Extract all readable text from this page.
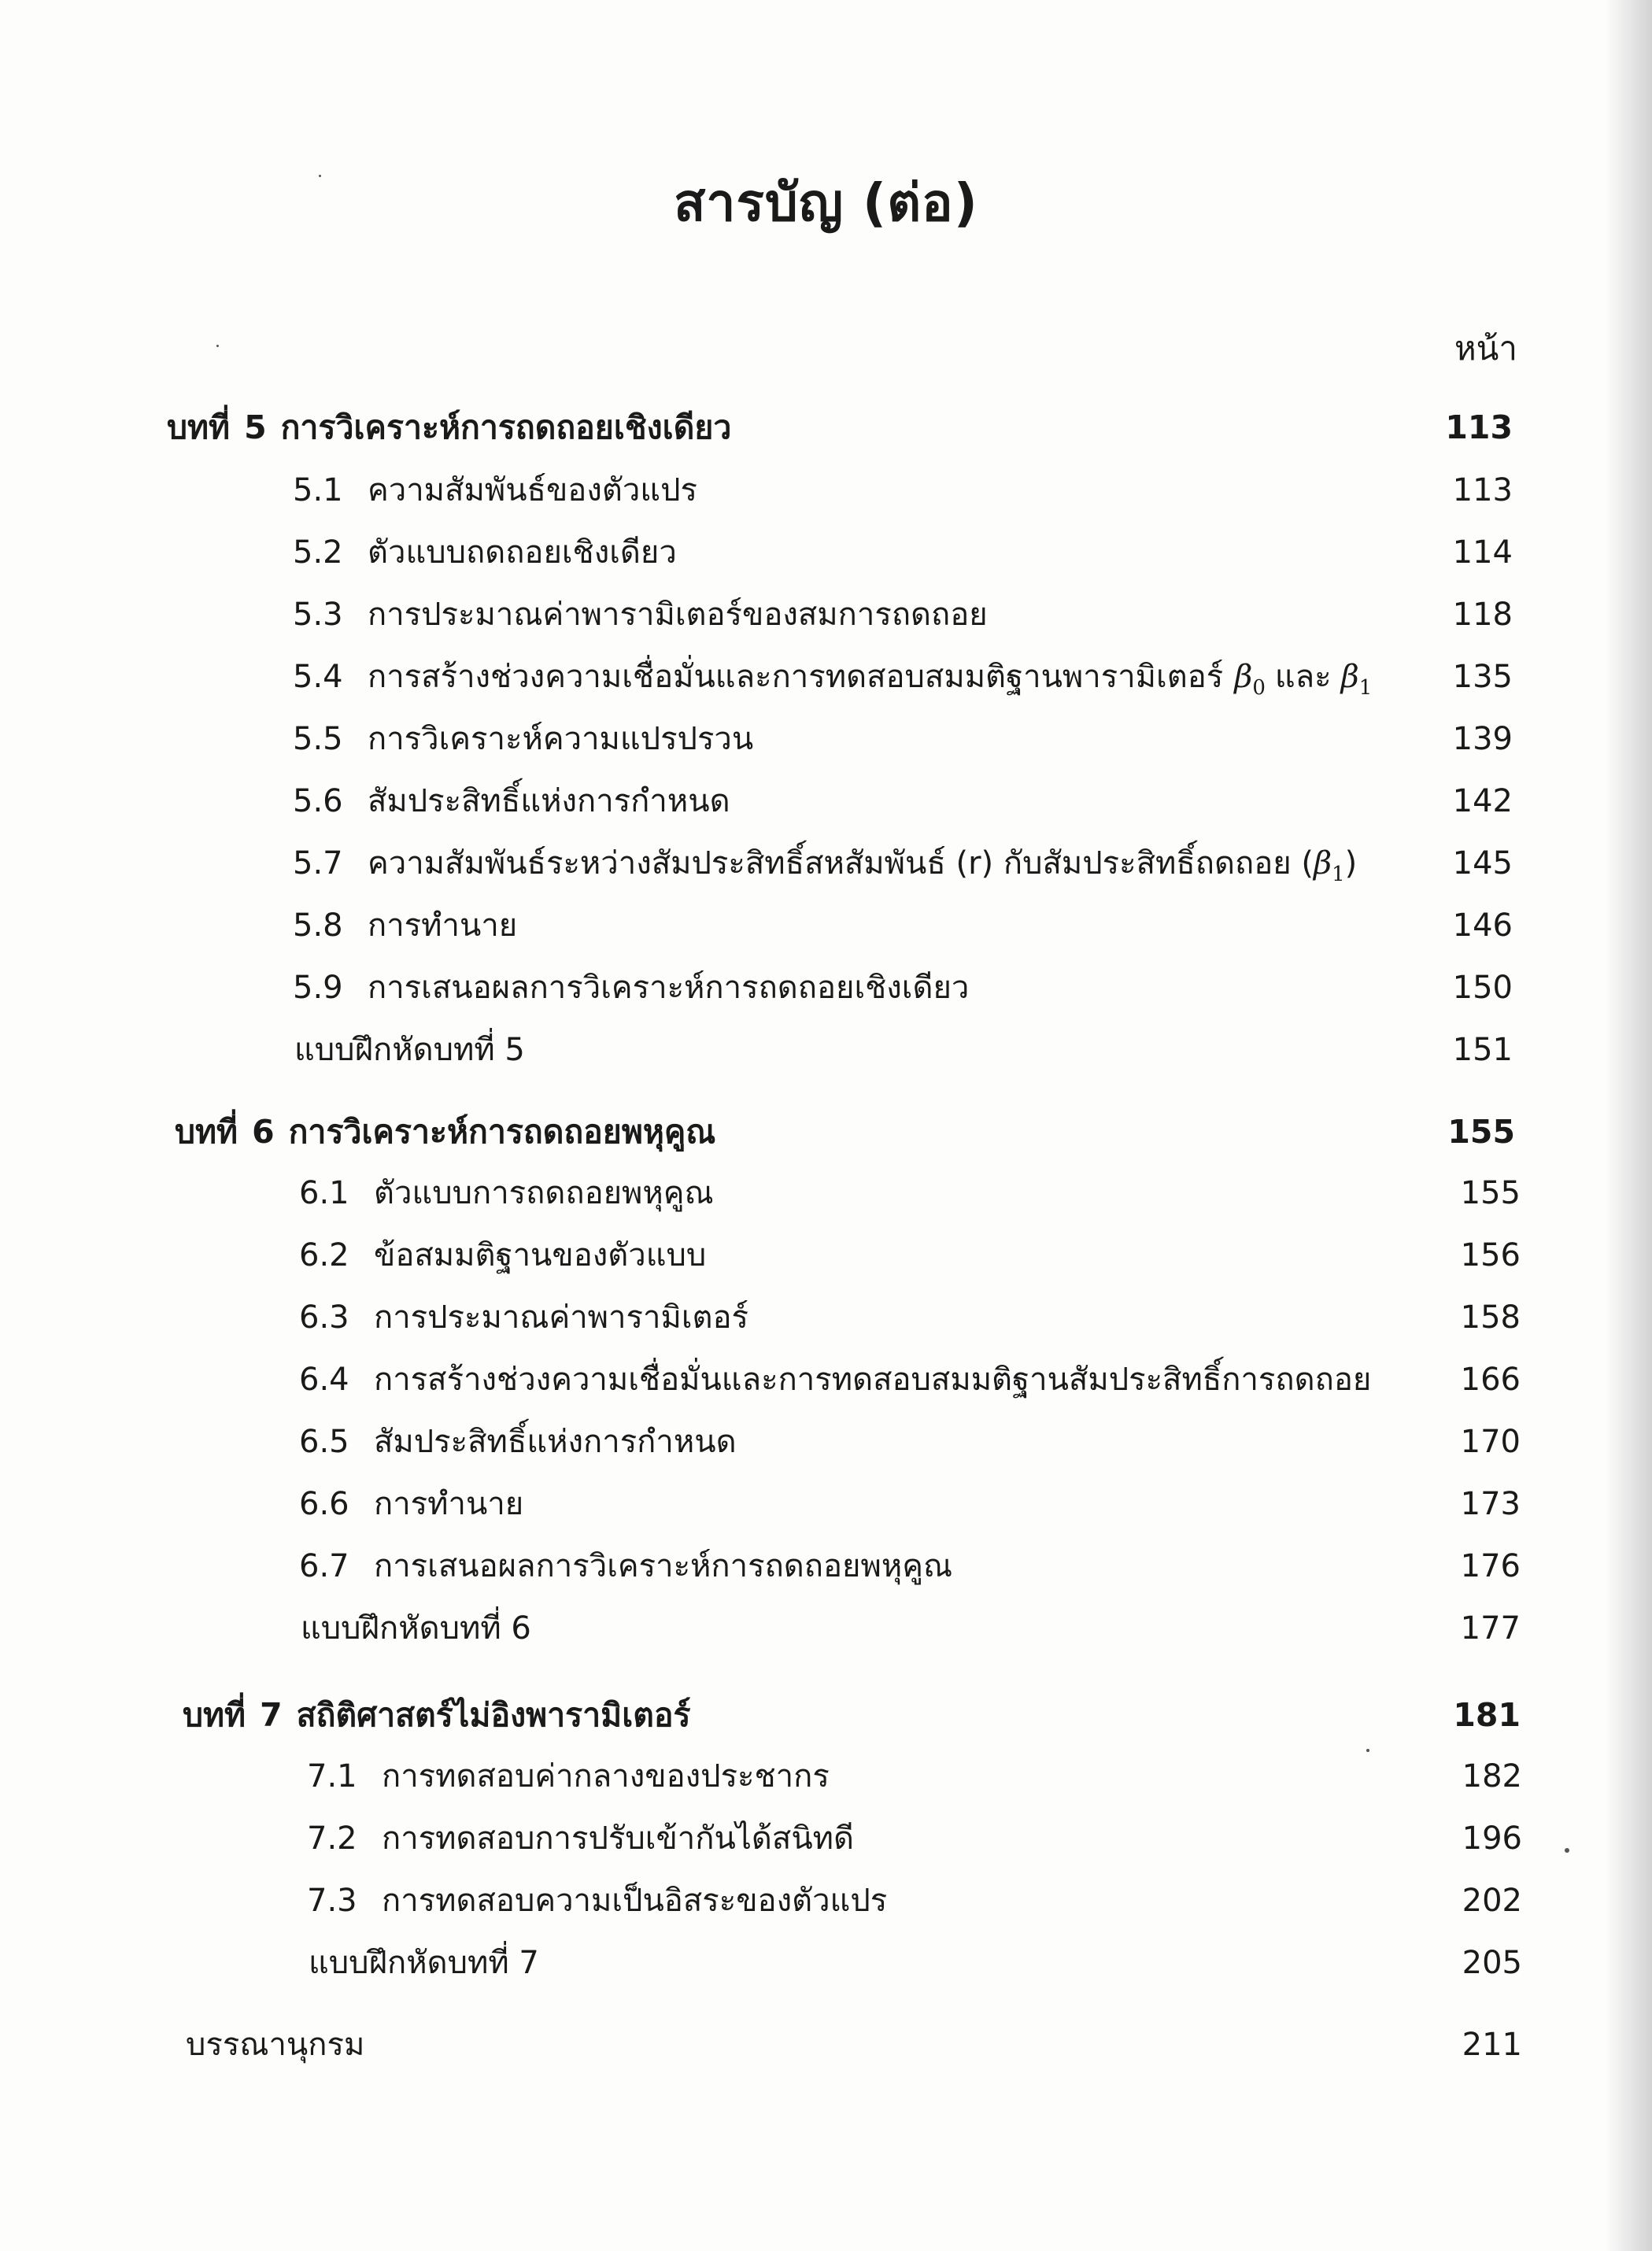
สารบัญ (ต่อ)
หน้า
บทที่ 5 การวิเคราะห์การถดถอยเชิงเดียว	113
5.1 ความสัมพันธ์ของตัวแปร	113
5.2 ตัวแบบถดถอยเชิงเดียว	114
5.3 การประมาณค่าพารามิเตอร์ของสมการถดถอย	118
5.4 การสร้างช่วงความเชื่อมั่นและการทดสอบสมมติฐานพารามิเตอร์ $\beta_0$ และ $\beta_1$	135
5.5 การวิเคราะห์ความแปรปรวน	139
5.6 สัมประสิทธิ์แห่งการกำหนด	142
5.7 ความสัมพันธ์ระหว่างสัมประสิทธิ์สหสัมพันธ์ (r) กับสัมประสิทธิ์ถดถอย $(\beta_1)$	145
5.8 การทำนาย	146
5.9 การเสนอผลการวิเคราะห์การถดถอยเชิงเดียว	150
แบบฝึกหัดบทที่ 5	151
บทที่ 6 การวิเคราะห์การถดถอยพหุคูณ	155
6.1 ตัวแบบการถดถอยพหุคูณ	155
6.2 ข้อสมมติฐานของตัวแบบ	156
6.3 การประมาณค่าพารามิเตอร์	158
6.4 การสร้างช่วงความเชื่อมั่นและการทดสอบสมมติฐานสัมประสิทธิ์การถดถอย	166
6.5 สัมประสิทธิ์แห่งการกำหนด	170
6.6 การทำนาย	173
6.7 การเสนอผลการวิเคราะห์การถดถอยพหุคูณ	176
แบบฝึกหัดบทที่ 6	177
บทที่ 7 สถิติศาสตร์ไม่อิงพารามิเตอร์	181
7.1 การทดสอบค่ากลางของประชากร	182
7.2 การทดสอบการปรับเข้ากันได้สนิทดี	196
7.3 การทดสอบความเป็นอิสระของตัวแปร	202
แบบฝึกหัดบทที่ 7	205
บรรณานุกรม	211
